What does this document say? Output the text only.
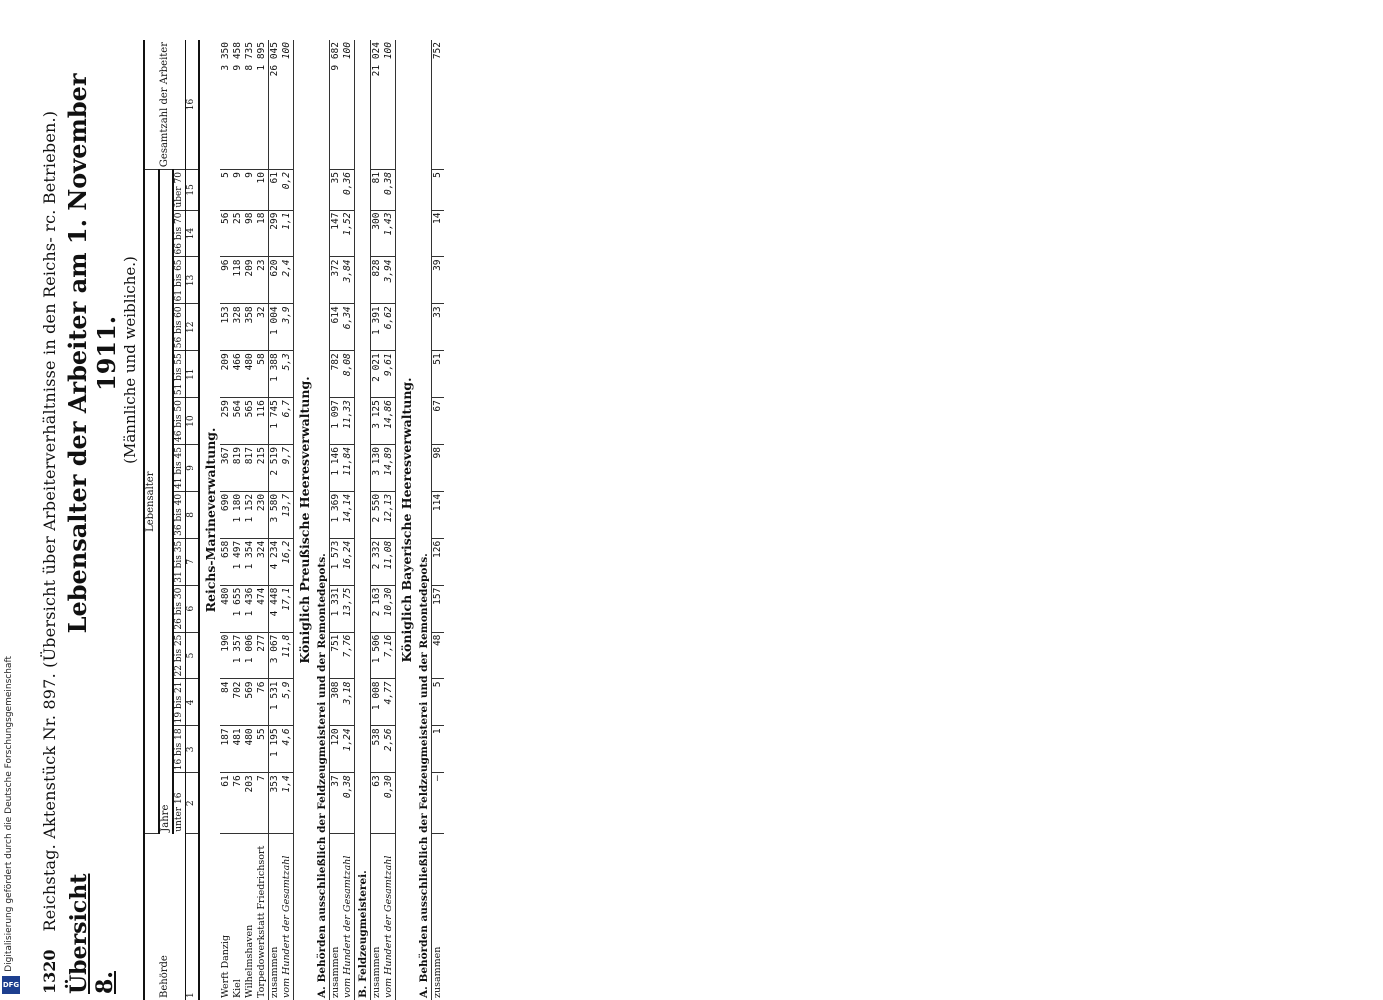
1320
Reichstag. Aktenstück Nr. 897. (Übersicht über Arbeiterverhältnisse in den Reichs- rc. Betrieben.)
Übersicht 8.
Lebensalter der Arbeiter am 1. November 1911. (Männliche und weibliche.)
Behörde	Lebensalter														Gesamtzahl der Arbeiter
	Jahre														
	unter 16	16 bis 18	19 bis 21	22 bis 25	26 bis 30	31 bis 35	36 bis 40	41 bis 45	46 bis 50	51 bis 55	56 bis 60	61 bis 65	66 bis 70	über 70	
1	2	3	4	5	6	7	8	9	10	11	12	13	14	15	16
Reichs-Marineverwaltung.															
Werft Danzig	61	187	84	190	480	658	690	367	259	209	153	96	56	5	3 350
Kiel	76	481	702	1 357	1 655	1 497	1 180	819	564	466	328	118	25	9	9 458
Wilhelmshaven	203	480	569	1 006	1 436	1 354	1 152	817	565	480	358	209	98	9	8 735
Torpedowerkstatt Friedrichsort	7	55	76	277	474	324	230	215	116	58	32	23	18	10	1 895
zusammen	353	1 195	1 531	3 067	4 448	4 234	3 580	2 519	1 745	1 388	1 004	620	299	61	26 045
vom Hundert der Gesamtzahl	1,4	4,6	5,9	11,8	17,1	16,2	13,7	9,7	6,7	5,3	3,9	2,4	1,1	0,2	100
Königlich Preußische Heeresverwaltung.															
A. Behörden ausschließlich der Feldzeugmeisterei und der Remontedepots.															
zusammen	37	120	308	751	1 331	1 573	1 369	1 146	1 097	782	614	372	147	35	9 682
vom Hundert der Gesamtzahl	0,38	1,24	3,18	7,76	13,75	16,24	14,14	11,84	11,33	8,08	6,34	3,84	1,52	0,36	100
B. Feldzeugmeisterei.															
zusammen	63	538	1 008	1 506	2 163	2 332	2 550	3 130	3 125	2 021	1 391	828	300	81	21 024
vom Hundert der Gesamtzahl	0,30	2,56	4,77	7,16	10,30	11,08	12,13	14,89	14,86	9,61	6,62	3,94	1,43	0,38	100
Königlich Bayerische Heeresverwaltung.															
A. Behörden ausschließlich der Feldzeugmeisterei und der Remontedepots.															
zusammen	—	1	5	48	157	126	114	98	67	51	33	39	14	5	752
Digitalisierung gefördert durch die Deutsche Forschungsgemeinschaft
DFG
